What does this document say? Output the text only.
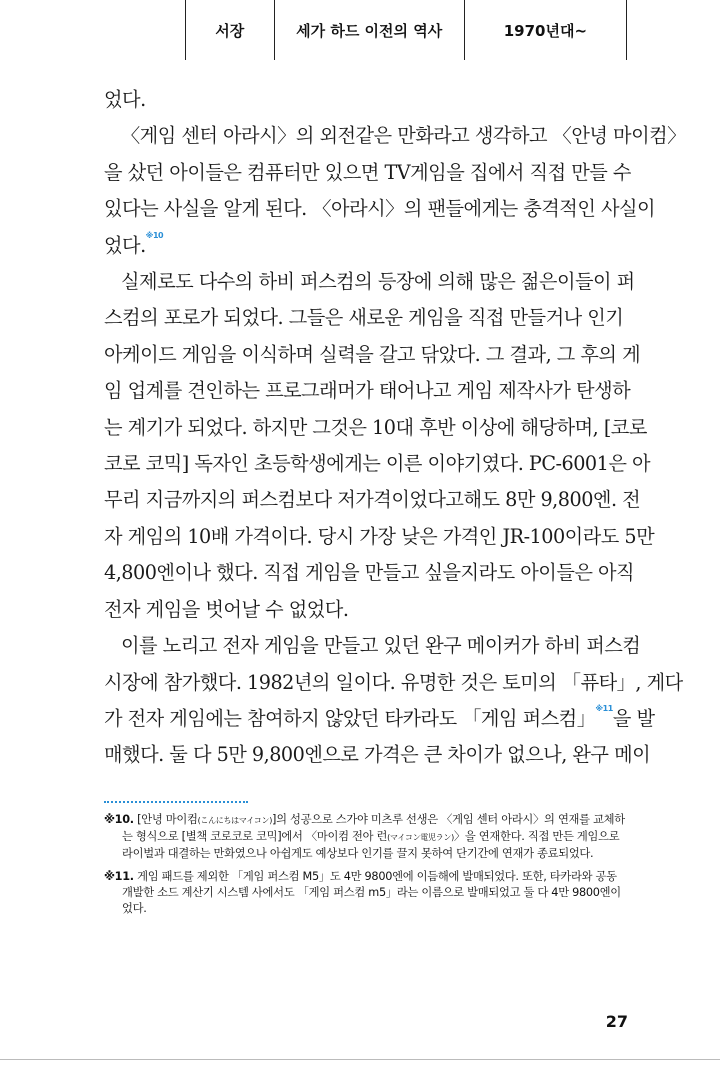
서장	세가 하드 이전의 역사	1970년대~

었다.

〈게임 센터 아라시〉의 외전같은 만화라고 생각하고 〈안녕 마이컴〉
을 샀던 아이들은 컴퓨터만 있으면 TV게임을 집에서 직접 만들 수
있다는 사실을 알게 된다. 〈아라시〉의 팬들에게는 충격적인 사실이
었다.$^{※10}$

실제로도 다수의 하비 퍼스컴의 등장에 의해 많은 젊은이들이 퍼
스컴의 포로가 되었다. 그들은 새로운 게임을 직접 만들거나 인기
아케이드 게임을 이식하며 실력을 갈고 닦았다. 그 결과, 그 후의 게
임 업계를 견인하는 프로그래머가 태어나고 게임 제작사가 탄생하
는 계기가 되었다. 하지만 그것은 10대 후반 이상에 해당하며, [코로
코로 코믹] 독자인 초등학생에게는 이른 이야기였다. PC-6001은 아
무리 지금까지의 퍼스컴보다 저가격이었다고해도 8만 9,800엔. 전
자 게임의 10배 가격이다. 당시 가장 낮은 가격인 JR-100이라도 5만
4,800엔이나 했다. 직접 게임을 만들고 싶을지라도 아이들은 아직
전자 게임을 벗어날 수 없었다.

이를 노리고 전자 게임을 만들고 있던 완구 메이커가 하비 퍼스컴
시장에 참가했다. 1982년의 일이다. 유명한 것은 토미의 「퓨타」, 게다
가 전자 게임에는 참여하지 않았던 타카라도 「게임 퍼스컴」$^{※11}$을 발
매했다. 둘 다 5만 9,800엔으로 가격은 큰 차이가 없으나, 완구 메이

※10. [안녕 마이컴(こんにちはマイコン)]의 성공으로 스가야 미츠루 선생은 〈게임 센터 아라시〉의 연재를 교체하는 형식으로 [별책 코로코로 코믹]에서 〈마이컴 전아 런(マイコン電児ラン)〉을 연재한다. 직접 만든 게임으로 라이벌과 대결하는 만화였으나 아쉽게도 예상보다 인기를 끌지 못하여 단기간에 연재가 종료되었다.

※11. 게임 패드를 제외한 「게임 퍼스컴 M5」도 4만 9800엔에 이듬해에 발매되었다. 또한, 타카라와 공동 개발한 소드 계산기 시스템 사에서도 「게임 퍼스컴 m5」라는 이름으로 발매되었고 둘 다 4만 9800엔이었다.

27
